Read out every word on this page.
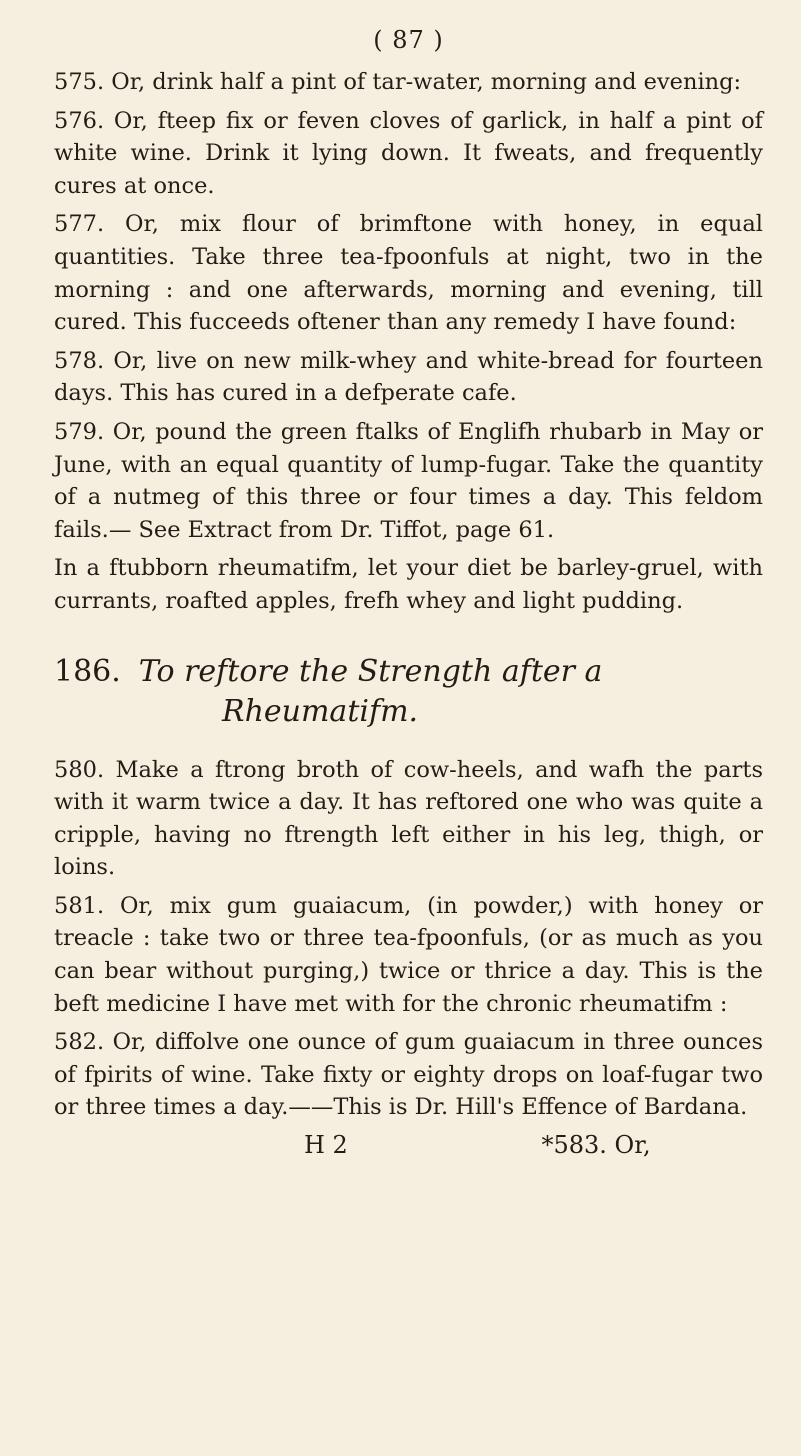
( 87 )

575. Or, drink half a pint of tar-water, morning and evening:

576. Or, fteep fix or feven cloves of garlick, in half a pint of white wine. Drink it lying down. It fweats, and frequently cures at once.

577. Or, mix flour of brimftone with honey, in equal quantities. Take three tea-fpoonfuls at night, two in the morning : and one afterwards, morning and evening, till cured. This fucceeds oftener than any remedy I have found:

578. Or, live on new milk-whey and white-bread for fourteen days. This has cured in a defperate cafe.

579. Or, pound the green ftalks of Englifh rhubarb in May or June, with an equal quantity of lump-fugar. Take the quantity of a nutmeg of this three or four times a day. This feldom fails.— See Extract from Dr. Tiffot, page 61.

In a ftubborn rheumatifm, let your diet be barley-gruel, with currants, roafted apples, frefh whey and light pudding.

186. To reftore the Strength after a
Rheumatifm.

580. Make a ftrong broth of cow-heels, and wafh the parts with it warm twice a day. It has reftored one who was quite a cripple, having no ftrength left either in his leg, thigh, or loins.

581. Or, mix gum guaiacum, (in powder,) with honey or treacle : take two or three tea-fpoonfuls, (or as much as you can bear without purging,) twice or thrice a day. This is the beft medicine I have met with for the chronic rheumatifm :

582. Or, diffolve one ounce of gum guaiacum in three ounces of fpirits of wine. Take fixty or eighty drops on loaf-fugar two or three times a day.——This is Dr. Hill's Effence of Bardana.

H 2	*583. Or,
